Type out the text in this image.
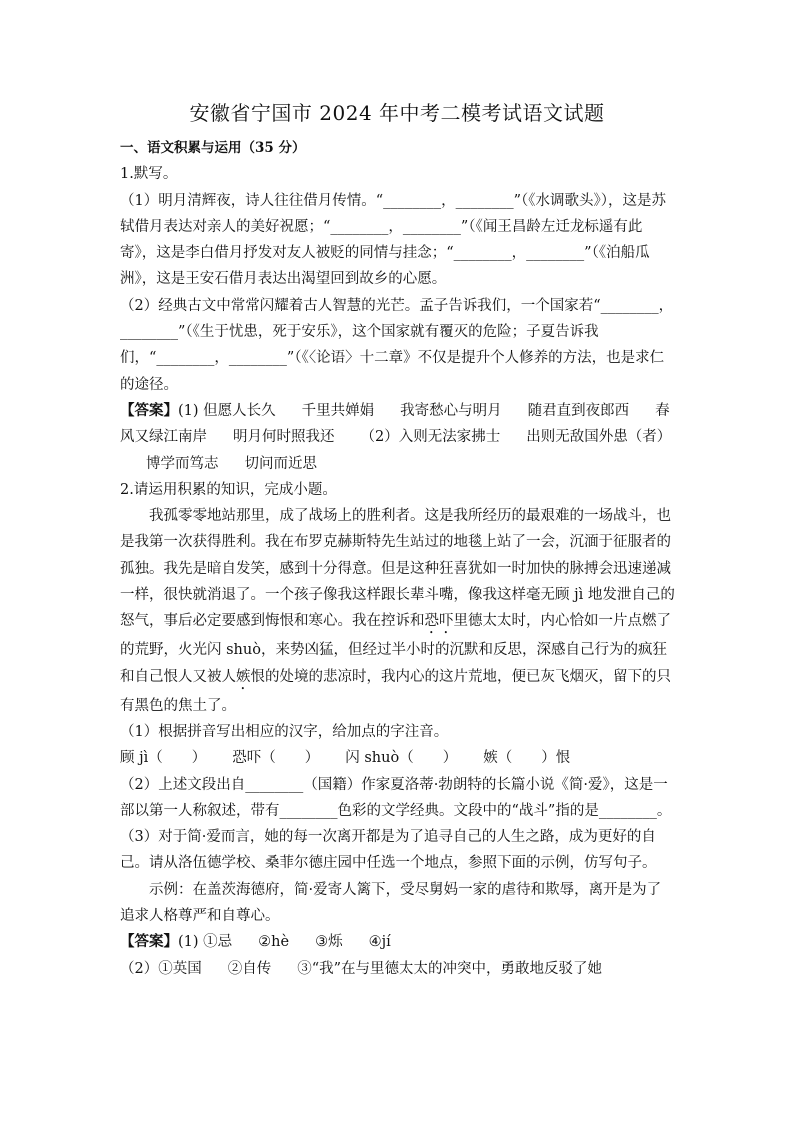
安徽省宁国市 2024 年中考二模考试语文试题

一、语文积累与运用（35 分）

1.默写。

（1）明月清辉夜，诗人往往借月传情。“________，________”（《水调歌头》），这是苏轼借月表达对亲人的美好祝愿；“________，________”（《闻王昌龄左迁龙标遥有此寄》，这是李白借月抒发对友人被贬的同情与挂念；“________，________”（《泊船瓜洲》，这是王安石借月表达出渴望回到故乡的心愿。

（2）经典古文中常常闪耀着古人智慧的光芒。孟子告诉我们，一个国家若“________，________”（《生于忧患，死于安乐》，这个国家就有覆灭的危险；子夏告诉我们，“________，________”（《〈论语〉十二章》不仅是提升个人修养的方法，也是求仁的途径。

【答案】(1) 但愿人长久 千里共婵娟 我寄愁心与明月 随君直到夜郎西 春风又绿江南岸 明月何时照我还 （2）入则无法家拂士 出则无敌国外患（者）博学而笃志 切问而近思

2.请运用积累的知识，完成小题。

我孤零零地站那里，成了战场上的胜利者。这是我所经历的最艰难的一场战斗，也是我第一次获得胜利。我在布罗克赫斯特先生站过的地毯上站了一会，沉湎于征服者的孤独。我先是暗自发笑，感到十分得意。但是这种狂喜犹如一时加快的脉搏会迅速递减一样，很快就消退了。一个孩子像我这样跟长辈斗嘴，像我这样毫无顾 jì 地发泄自己的怒气，事后必定要感到悔恨和寒心。我在控诉和恐吓里德太太时，内心恰如一片点燃了的荒野，火光闪 shuò，来势凶猛，但经过半小时的沉默和反思，深感自己行为的疯狂和自己恨人又被人嫉恨的处境的悲凉时，我内心的这片荒地，便已灰飞烟灭，留下的只有黑色的焦土了。

（1）根据拼音写出相应的汉字，给加点的字注音。

顾 jì（　　） 恐吓（　　） 闪 shuò（　　） 嫉（　　）恨

（2）上述文段出自________（国籍）作家夏洛蒂·勃朗特的长篇小说《简·爱》，这是一部以第一人称叙述，带有________色彩的文学经典。文段中的“战斗”指的是________。

（3）对于简·爱而言，她的每一次离开都是为了追寻自己的人生之路，成为更好的自己。请从洛伍德学校、桑菲尔德庄园中任选一个地点，参照下面的示例，仿写句子。

示例：在盖茨海德府，简·爱寄人篱下，受尽舅妈一家的虐待和欺辱，离开是为了追求人格尊严和自尊心。

【答案】(1) ①忌 ②hè ③烁 ④jí

（2）①英国 ②自传 ③“我”在与里德太太的冲突中，勇敢地反驳了她
